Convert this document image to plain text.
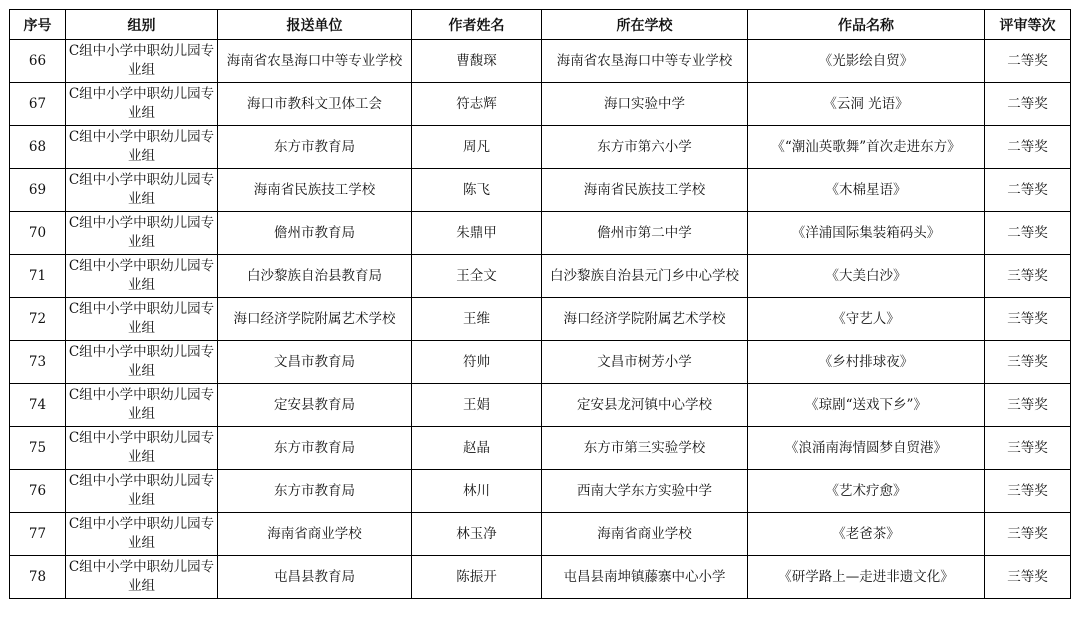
序号	组别	报送单位	作者姓名	所在学校	作品名称	评审等次
66	C组中小学中职幼儿园专业组	海南省农垦海口中等专业学校	曹馥琛	海南省农垦海口中等专业学校	《光影绘自贸》	二等奖
67	C组中小学中职幼儿园专业组	海口市教科文卫体工会	符志辉	海口实验中学	《云洞 光语》	二等奖
68	C组中小学中职幼儿园专业组	东方市教育局	周凡	东方市第六小学	《“潮汕英歌舞”首次走进东方》	二等奖
69	C组中小学中职幼儿园专业组	海南省民族技工学校	陈飞	海南省民族技工学校	《木棉星语》	二等奖
70	C组中小学中职幼儿园专业组	儋州市教育局	朱鼎甲	儋州市第二中学	《洋浦国际集装箱码头》	二等奖
71	C组中小学中职幼儿园专业组	白沙黎族自治县教育局	王全文	白沙黎族自治县元门乡中心学校	《大美白沙》	三等奖
72	C组中小学中职幼儿园专业组	海口经济学院附属艺术学校	王维	海口经济学院附属艺术学校	《守艺人》	三等奖
73	C组中小学中职幼儿园专业组	文昌市教育局	符帅	文昌市树芳小学	《乡村排球夜》	三等奖
74	C组中小学中职幼儿园专业组	定安县教育局	王娟	定安县龙河镇中心学校	《琼剧“送戏下乡”》	三等奖
75	C组中小学中职幼儿园专业组	东方市教育局	赵晶	东方市第三实验学校	《浪涌南海情圆梦自贸港》	三等奖
76	C组中小学中职幼儿园专业组	东方市教育局	林川	西南大学东方实验中学	《艺术疗愈》	三等奖
77	C组中小学中职幼儿园专业组	海南省商业学校	林玉净	海南省商业学校	《老爸茶》	三等奖
78	C组中小学中职幼儿园专业组	屯昌县教育局	陈振开	屯昌县南坤镇藤寨中心小学	《研学路上—走进非遗文化》	三等奖
